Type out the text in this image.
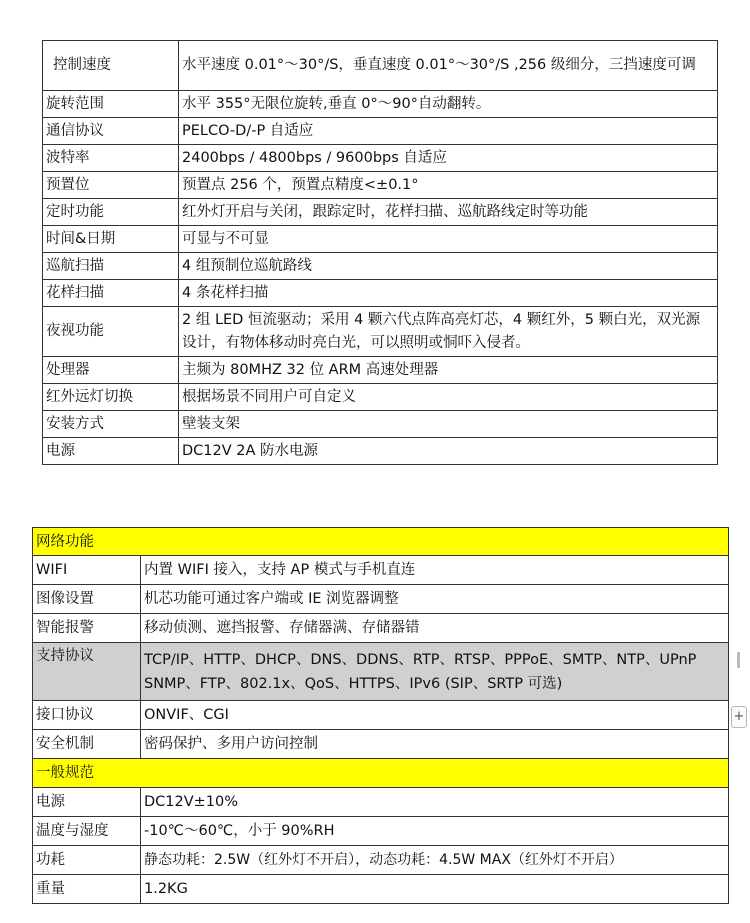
控制速度	水平速度 0.01°～30°/S，垂直速度 0.01°～30°/S ,256 级细分，三挡速度可调
旋转范围	水平 355°无限位旋转,垂直 0°～90°自动翻转。
通信协议	PELCO-D/-P 自适应
波特率	2400bps / 4800bps / 9600bps 自适应
预置位	预置点 256 个，预置点精度<±0.1°
定时功能	红外灯开启与关闭，跟踪定时，花样扫描、巡航路线定时等功能
时间&日期	可显与不可显
巡航扫描	4 组预制位巡航路线
花样扫描	4 条花样扫描
夜视功能	2 组 LED 恒流驱动；采用 4 颗六代点阵高亮灯芯，4 颗红外，5 颗白光，双光源设计，有物体移动时亮白光，可以照明或恫吓入侵者。
处理器	主频为 80MHZ 32 位 ARM 高速处理器
红外远灯切换	根据场景不同用户可自定义
安装方式	壁装支架
电源	DC12V 2A 防水电源
网络功能	
WIFI	内置 WIFI 接入，支持 AP 模式与手机直连
图像设置	机芯功能可通过客户端或 IE 浏览器调整
智能报警	移动侦测、遮挡报警、存储器满、存储器错
支持协议	TCP/IP、HTTP、DHCP、DNS、DDNS、RTP、RTSP、PPPoE、SMTP、NTP、UPnP SNMP、FTP、802.1x、QoS、HTTPS、IPv6 (SIP、SRTP 可选)
接口协议	ONVIF、CGI
安全机制	密码保护、多用户访问控制
一般规范	
电源	DC12V±10%
温度与湿度	-10℃～60℃，小于 90%RH
功耗	静态功耗：2.5W（红外灯不开启），动态功耗：4.5W MAX（红外灯不开启）
重量	1.2KG
+
